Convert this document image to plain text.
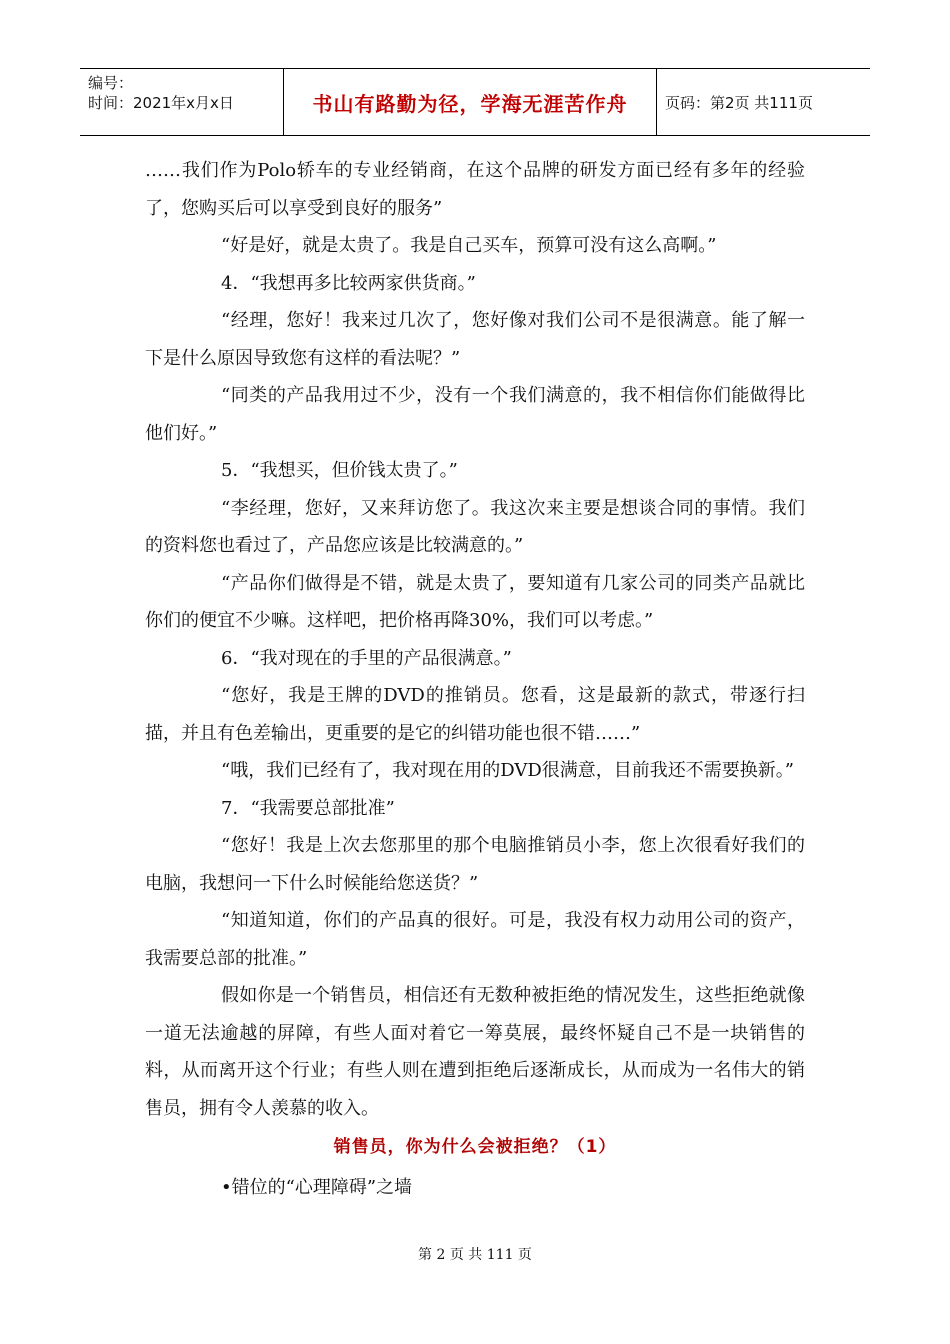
编号：
时间：2021年x月x日	书山有路勤为径，学海无涯苦作舟	页码：第2页 共111页

……我们作为Polo轿车的专业经销商，在这个品牌的研发方面已经有多年的经验了，您购买后可以享受到良好的服务”

“好是好，就是太贵了。我是自己买车，预算可没有这么高啊。”

4．“我想再多比较两家供货商。”

“经理，您好！我来过几次了，您好像对我们公司不是很满意。能了解一下是什么原因导致您有这样的看法呢？”

“同类的产品我用过不少，没有一个我们满意的，我不相信你们能做得比他们好。”

5．“我想买，但价钱太贵了。”

“李经理，您好，又来拜访您了。我这次来主要是想谈合同的事情。我们的资料您也看过了，产品您应该是比较满意的。”

“产品你们做得是不错，就是太贵了，要知道有几家公司的同类产品就比你们的便宜不少嘛。这样吧，把价格再降30%，我们可以考虑。”

6．“我对现在的手里的产品很满意。”

“您好，我是王牌的DVD的推销员。您看，这是最新的款式，带逐行扫描，并且有色差输出，更重要的是它的纠错功能也很不错……”

“哦，我们已经有了，我对现在用的DVD很满意，目前我还不需要换新。”

7．“我需要总部批准”

“您好！我是上次去您那里的那个电脑推销员小李，您上次很看好我们的电脑，我想问一下什么时候能给您送货？”

“知道知道，你们的产品真的很好。可是，我没有权力动用公司的资产，我需要总部的批准。”

假如你是一个销售员，相信还有无数种被拒绝的情况发生，这些拒绝就像一道无法逾越的屏障，有些人面对着它一筹莫展，最终怀疑自己不是一块销售的料，从而离开这个行业；有些人则在遭到拒绝后逐渐成长，从而成为一名伟大的销售员，拥有令人羡慕的收入。

销售员，你为什么会被拒绝？（1）

•错位的“心理障碍”之墙

第 2 页 共 111 页
